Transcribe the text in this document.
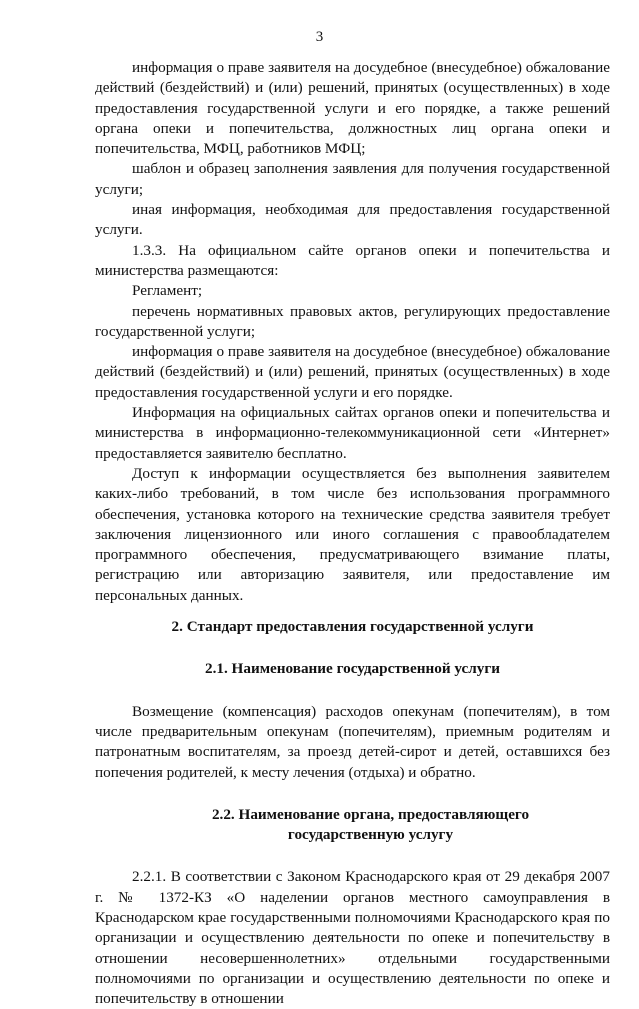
3

информация о праве заявителя на досудебное (внесудебное) обжалование действий (бездействий) и (или) решений, принятых (осуществленных) в ходе предоставления государственной услуги и его порядке, а также решений органа опеки и попечительства, должностных лиц органа опеки и попечительства, МФЦ, работников МФЦ;

шаблон и образец заполнения заявления для получения государственной услуги;

иная информация, необходимая для предоставления государственной услуги.

1.3.3. На официальном сайте органов опеки и попечительства и министерства размещаются:

Регламент;

перечень нормативных правовых актов, регулирующих предоставление государственной услуги;

информация о праве заявителя на досудебное (внесудебное) обжалование действий (бездействий) и (или) решений, принятых (осуществленных) в ходе предоставления государственной услуги и его порядке.

Информация на официальных сайтах органов опеки и попечительства и министерства в информационно-телекоммуникационной сети «Интернет» предоставляется заявителю бесплатно.

Доступ к информации осуществляется без выполнения заявителем каких-либо требований, в том числе без использования программного обеспечения, установка которого на технические средства заявителя требует заключения лицензионного или иного соглашения с правообладателем программного обеспечения, предусматривающего взимание платы, регистрацию или авторизацию заявителя, или предоставление им персональных данных.

2. Стандарт предоставления государственной услуги
2.1. Наименование государственной услуги

Возмещение (компенсация) расходов опекунам (попечителям), в том числе предварительным опекунам (попечителям), приемным родителям и патронатным воспитателям, за проезд детей-сирот и детей, оставшихся без попечения родителей, к месту лечения (отдыха) и обратно.

2.2. Наименование органа, предоставляющего
государственную услугу

2.2.1. В соответствии с Законом Краснодарского края от 29 декабря 2007 г. № 1372-КЗ «О наделении органов местного самоуправления в Краснодарском крае государственными полномочиями Краснодарского края по организации и осуществлению деятельности по опеке и попечительству в отношении несовершеннолетних» отдельными государственными полномочиями по организации и осуществлению деятельности по опеке и попечительству в отношении
